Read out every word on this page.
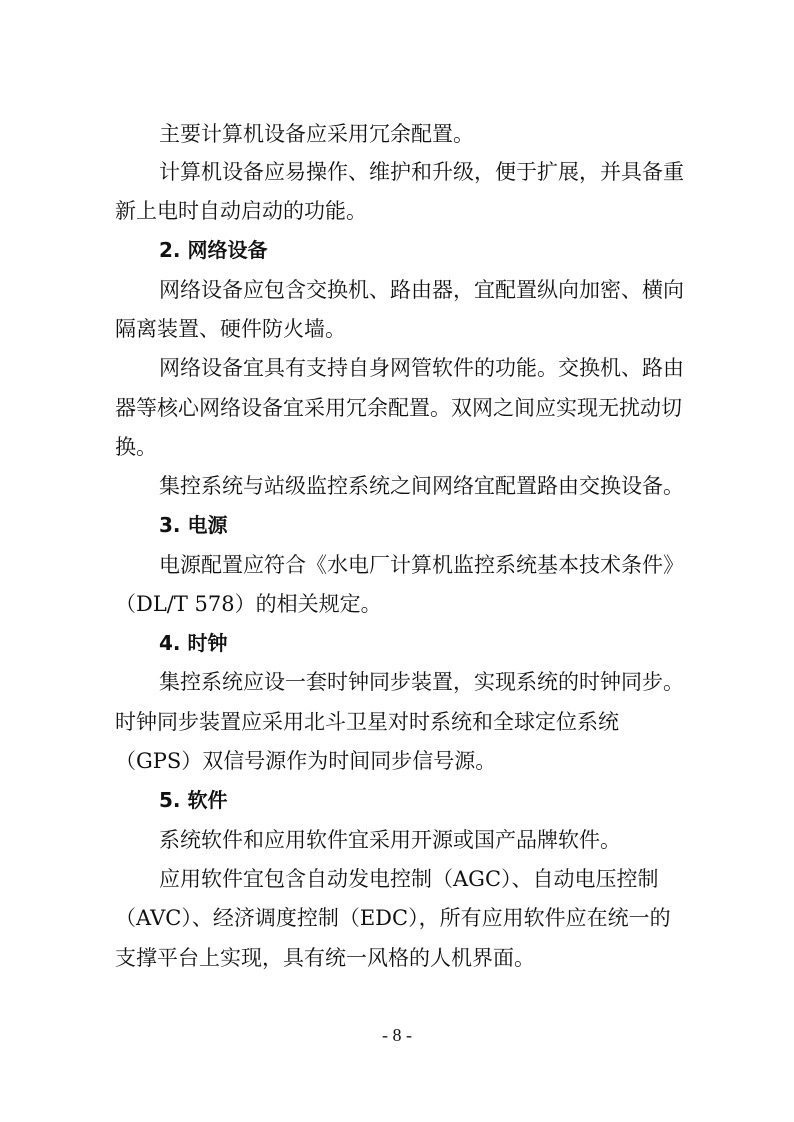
主要计算机设备应采用冗余配置。

计算机设备应易操作、维护和升级，便于扩展，并具备重

新上电时自动启动的功能。

2. 网络设备

网络设备应包含交换机、路由器，宜配置纵向加密、横向

隔离装置、硬件防火墙。

网络设备宜具有支持自身网管软件的功能。交换机、路由

器等核心网络设备宜采用冗余配置。双网之间应实现无扰动切

换。

集控系统与站级监控系统之间网络宜配置路由交换设备。

3. 电源

电源配置应符合《水电厂计算机监控系统基本技术条件》

（DL/T 578）的相关规定。

4. 时钟

集控系统应设一套时钟同步装置，实现系统的时钟同步。

时钟同步装置应采用北斗卫星对时系统和全球定位系统

（GPS）双信号源作为时间同步信号源。

5. 软件

系统软件和应用软件宜采用开源或国产品牌软件。

应用软件宜包含自动发电控制（AGC）、自动电压控制

（AVC）、经济调度控制（EDC），所有应用软件应在统一的

支撑平台上实现，具有统一风格的人机界面。

- 8 -
